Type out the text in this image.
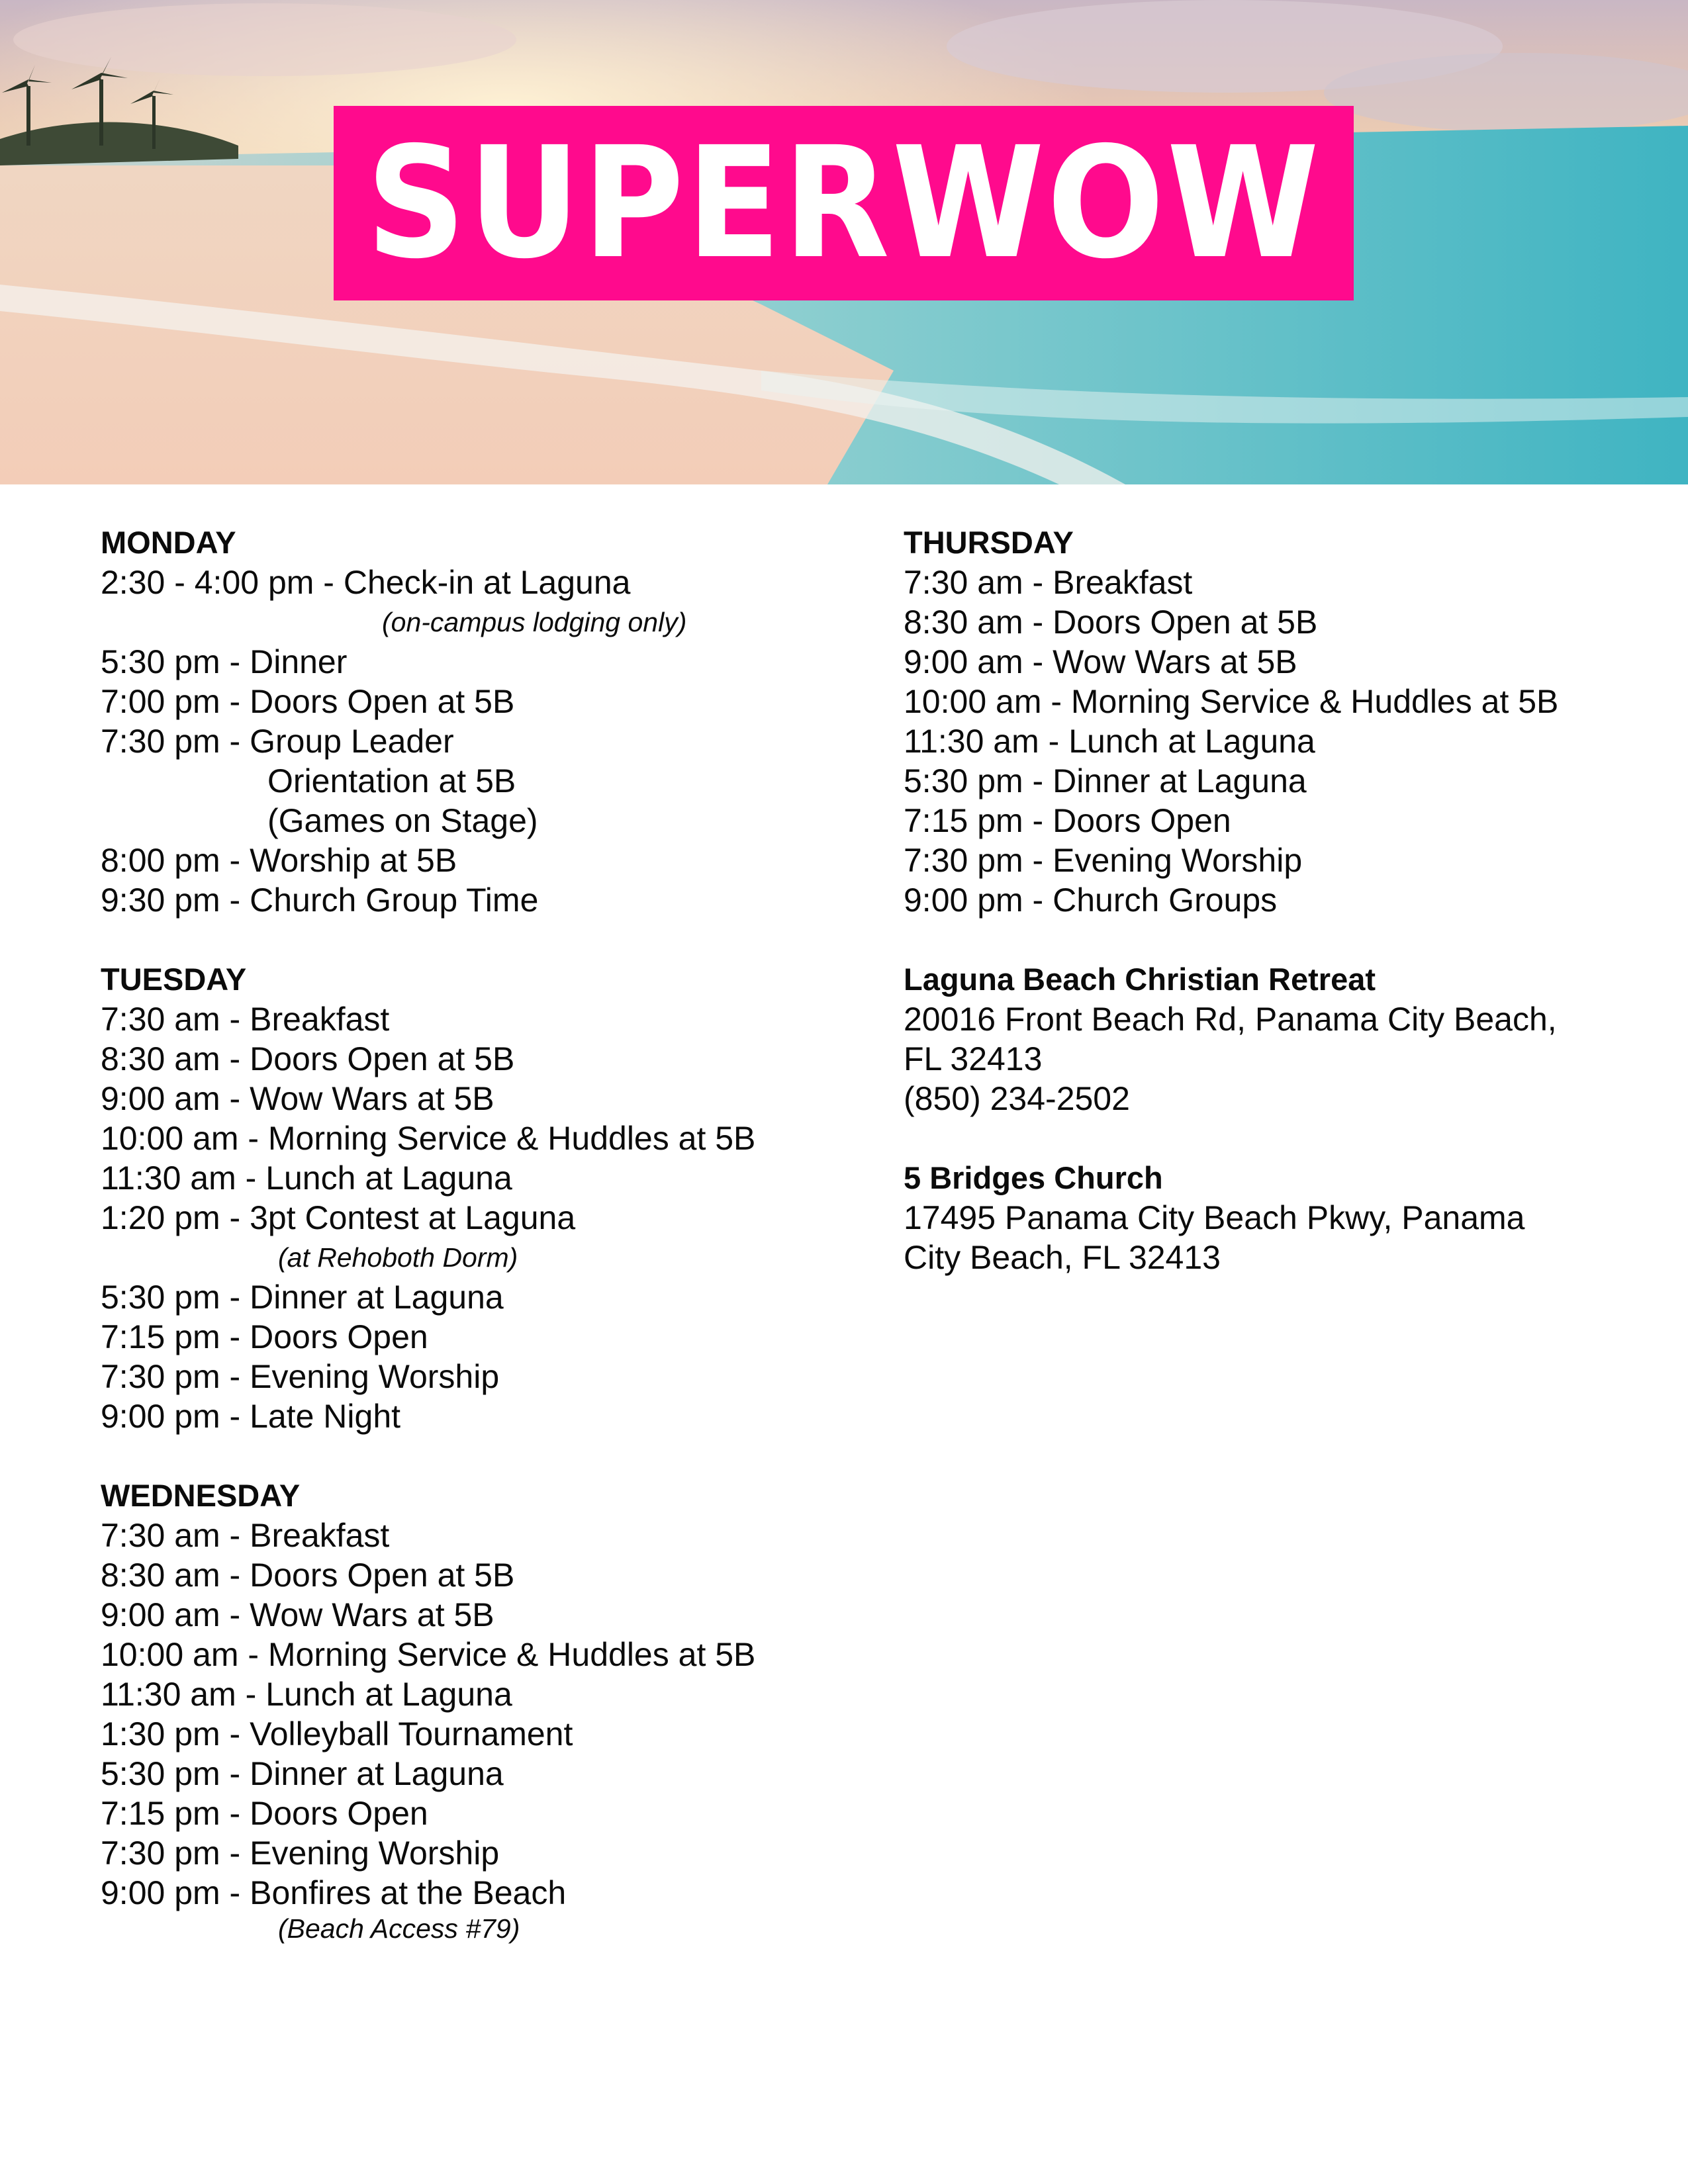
SUPERWOW
MONDAY
2:30 - 4:00 pm - Check-in at Laguna
(on-campus lodging only)
5:30 pm - Dinner
7:00 pm - Doors Open at 5B
7:30 pm - Group Leader
Orientation at 5B
(Games on Stage)
8:00 pm - Worship at 5B
9:30 pm - Church Group Time
TUESDAY
7:30 am - Breakfast
8:30 am - Doors Open at 5B
9:00 am - Wow Wars at 5B
10:00 am - Morning Service & Huddles at 5B
11:30 am - Lunch at Laguna
1:20 pm - 3pt Contest at Laguna
(at Rehoboth Dorm)
5:30 pm - Dinner at Laguna
7:15 pm - Doors Open
7:30 pm - Evening Worship
9:00 pm - Late Night
WEDNESDAY
7:30 am - Breakfast
8:30 am - Doors Open at 5B
9:00 am - Wow Wars at 5B
10:00 am - Morning Service & Huddles at 5B
11:30 am - Lunch at Laguna
1:30 pm - Volleyball Tournament
5:30 pm - Dinner at Laguna
7:15 pm - Doors Open
7:30 pm - Evening Worship
9:00 pm - Bonfires at the Beach
(Beach Access #79)
THURSDAY
7:30 am - Breakfast
8:30 am - Doors Open at 5B
9:00 am - Wow Wars at 5B
10:00 am - Morning Service & Huddles at 5B
11:30 am - Lunch at Laguna
5:30 pm - Dinner at Laguna
7:15 pm - Doors Open
7:30 pm - Evening Worship
9:00 pm - Church Groups
Laguna Beach Christian Retreat
20016 Front Beach Rd, Panama City Beach,
FL 32413
(850) 234-2502
5 Bridges Church
17495 Panama City Beach Pkwy, Panama
City Beach, FL 32413
